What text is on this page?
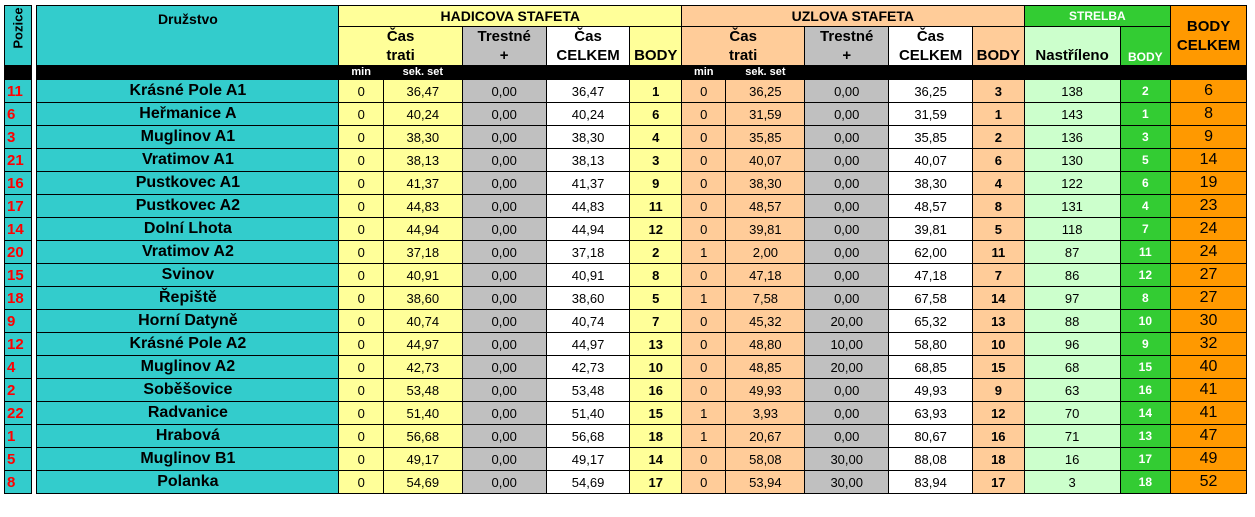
Pozice		Družstvo	HADICOVA STAFETA					UZLOVA STAFETA					STRELBA		BODY
CELKEM

			Čas		Trestné	Čas	BODY	Čas		Trestné	Čas	BODY	Nastříleno	BODY	
			trati		+	CELKEM		trati		+	CELKEM				
			min	sek. set				min	sek. set						
11		Krásné Pole A1	0	36,47	0,00	36,47	1	0	36,25	0,00	36,25	3	138	2	6
6		Heřmanice A	0	40,24	0,00	40,24	6	0	31,59	0,00	31,59	1	143	1	8
3		Muglinov A1	0	38,30	0,00	38,30	4	0	35,85	0,00	35,85	2	136	3	9
21		Vratimov A1	0	38,13	0,00	38,13	3	0	40,07	0,00	40,07	6	130	5	14
16		Pustkovec A1	0	41,37	0,00	41,37	9	0	38,30	0,00	38,30	4	122	6	19
17		Pustkovec A2	0	44,83	0,00	44,83	11	0	48,57	0,00	48,57	8	131	4	23
14		Dolní Lhota	0	44,94	0,00	44,94	12	0	39,81	0,00	39,81	5	118	7	24
20		Vratimov A2	0	37,18	0,00	37,18	2	1	2,00	0,00	62,00	11	87	11	24
15		Svinov	0	40,91	0,00	40,91	8	0	47,18	0,00	47,18	7	86	12	27
18		Řepiště	0	38,60	0,00	38,60	5	1	7,58	0,00	67,58	14	97	8	27
9		Horní Datyně	0	40,74	0,00	40,74	7	0	45,32	20,00	65,32	13	88	10	30
12		Krásné Pole A2	0	44,97	0,00	44,97	13	0	48,80	10,00	58,80	10	96	9	32
4		Muglinov A2	0	42,73	0,00	42,73	10	0	48,85	20,00	68,85	15	68	15	40
2		Soběšovice	0	53,48	0,00	53,48	16	0	49,93	0,00	49,93	9	63	16	41
22		Radvanice	0	51,40	0,00	51,40	15	1	3,93	0,00	63,93	12	70	14	41
1		Hrabová	0	56,68	0,00	56,68	18	1	20,67	0,00	80,67	16	71	13	47
5		Muglinov B1	0	49,17	0,00	49,17	14	0	58,08	30,00	88,08	18	16	17	49
8		Polanka	0	54,69	0,00	54,69	17	0	53,94	30,00	83,94	17	3	18	52
